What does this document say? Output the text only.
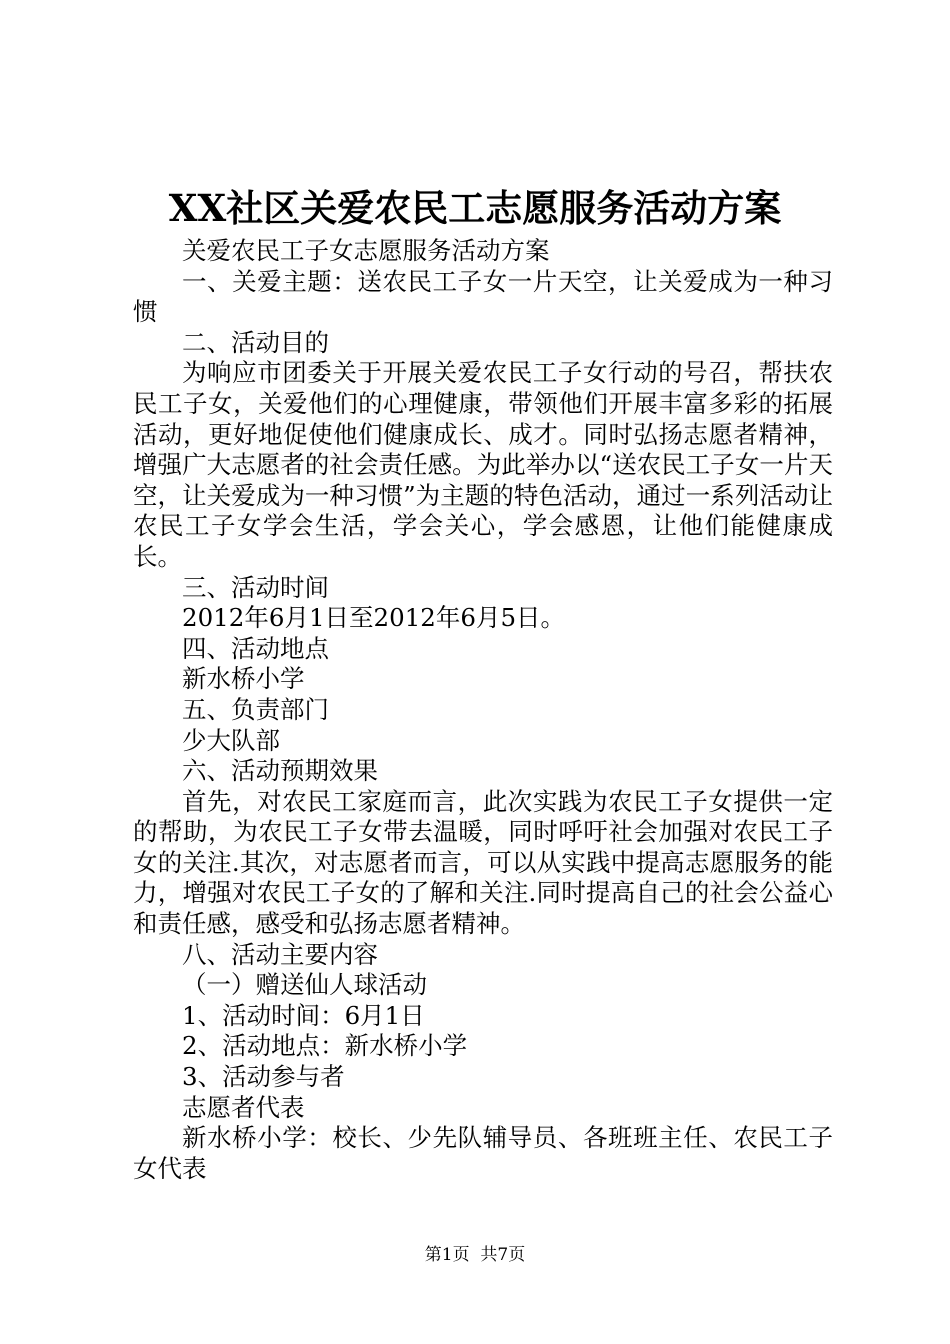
XX社区关爱农民工志愿服务活动方案

关爱农民工子女志愿服务活动方案

一、关爱主题：送农民工子女一片天空，让关爱成为一种习惯

二、活动目的

为响应市团委关于开展关爱农民工子女行动的号召，帮扶农民工子女，关爱他们的心理健康，带领他们开展丰富多彩的拓展活动，更好地促使他们健康成长、成才。同时弘扬志愿者精神，增强广大志愿者的社会责任感。为此举办以“送农民工子女一片天空，让关爱成为一种习惯”为主题的特色活动，通过一系列活动让农民工子女学会生活，学会关心，学会感恩，让他们能健康成长。

三、活动时间

2012年6月1日至2012年6月5日。

四、活动地点

新水桥小学

五、负责部门

少大队部

六、活动预期效果

首先，对农民工家庭而言，此次实践为农民工子女提供一定的帮助，为农民工子女带去温暖，同时呼吁社会加强对农民工子女的关注.其次，对志愿者而言，可以从实践中提高志愿服务的能力，增强对农民工子女的了解和关注.同时提高自己的社会公益心和责任感，感受和弘扬志愿者精神。

八、活动主要内容

（一）赠送仙人球活动

1、活动时间：6月1日

2、活动地点：新水桥小学

3、活动参与者

志愿者代表

新水桥小学：校长、少先队辅导员、各班班主任、农民工子女代表

第1页  共7页
